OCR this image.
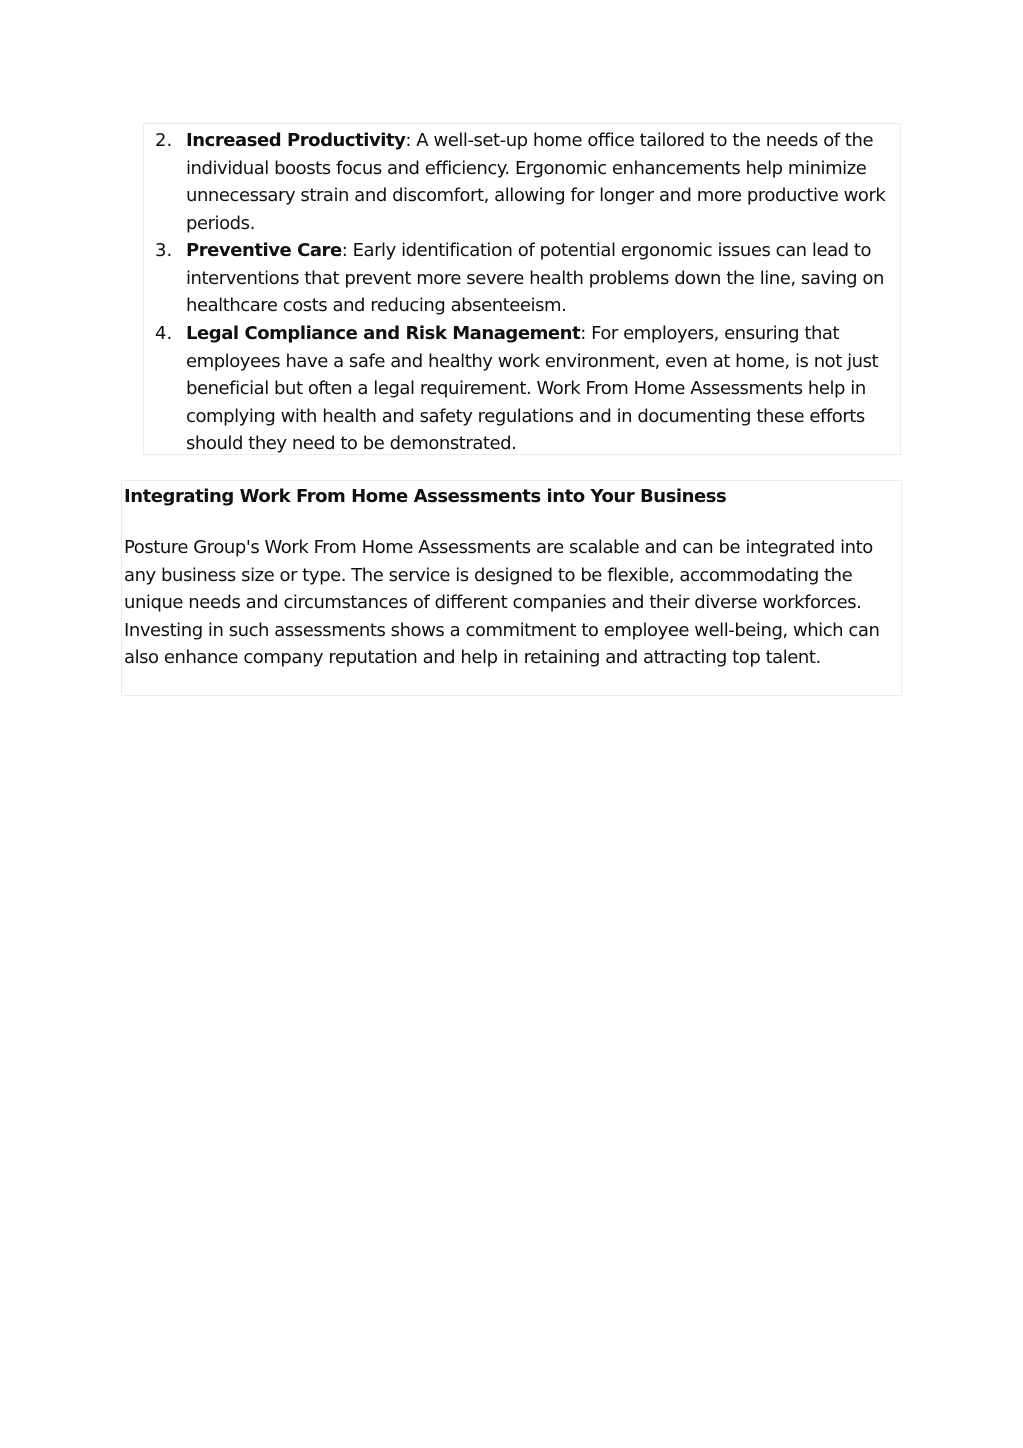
2. Increased Productivity: A well-set-up home office tailored to the needs of the individual boosts focus and efficiency. Ergonomic enhancements help minimize unnecessary strain and discomfort, allowing for longer and more productive work periods.
3. Preventive Care: Early identification of potential ergonomic issues can lead to interventions that prevent more severe health problems down the line, saving on healthcare costs and reducing absenteeism.
4. Legal Compliance and Risk Management: For employers, ensuring that employees have a safe and healthy work environment, even at home, is not just beneficial but often a legal requirement. Work From Home Assessments help in complying with health and safety regulations and in documenting these efforts should they need to be demonstrated.
Integrating Work From Home Assessments into Your Business
Posture Group's Work From Home Assessments are scalable and can be integrated into any business size or type. The service is designed to be flexible, accommodating the unique needs and circumstances of different companies and their diverse workforces. Investing in such assessments shows a commitment to employee well-being, which can also enhance company reputation and help in retaining and attracting top talent.
